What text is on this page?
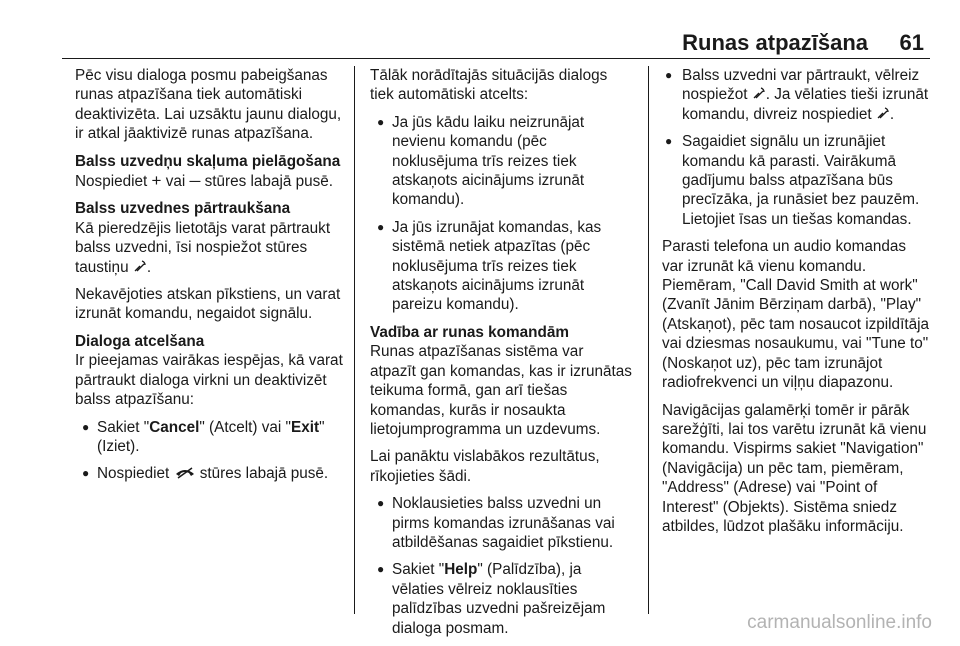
Runas atpazīšana 61

Pēc visu dialoga posmu pabeigšanas runas atpazīšana tiek automātiski deaktivizēta. Lai uzsāktu jaunu dialogu, ir atkal jāaktivizē runas atpazīšana.

Balss uzvedņu skaļuma pielāgošana

Nospiediet + vai ─ stūres labajā pusē.

Balss uzvednes pārtraukšana

Kā pieredzējis lietotājs varat pārtraukt balss uzvedni, īsi nospiežot stūres taustiņu .

Nekavējoties atskan pīkstiens, un varat izrunāt komandu, negaidot signālu.

Dialoga atcelšana

Ir pieejamas vairākas iespējas, kā varat pārtraukt dialoga virkni un deaktivizēt balss atpazīšanu:

● Sakiet "Cancel" (Atcelt) vai "Exit" (Iziet).
● Nospiediet  stūres labajā pusē.

Tālāk norādītajās situācijās dialogs tiek automātiski atcelts:

● Ja jūs kādu laiku neizrunājat nevienu komandu (pēc noklusējuma trīs reizes tiek atskaņots aicinājums izrunāt komandu).
● Ja jūs izrunājat komandas, kas sistēmā netiek atpazītas (pēc noklusējuma trīs reizes tiek atskaņots aicinājums izrunāt pareizu komandu).
Vadība ar runas komandām

Runas atpazīšanas sistēma var atpazīt gan komandas, kas ir izrunātas teikuma formā, gan arī tiešas komandas, kurās ir nosaukta lietojumprogramma un uzdevums.

Lai panāktu vislabākos rezultātus, rīkojieties šādi.

● Noklausieties balss uzvedni un pirms komandas izrunāšanas vai atbildēšanas sagaidiet pīkstienu.
● Sakiet "Help" (Palīdzība), ja vēlaties vēlreiz noklausīties palīdzības uzvedni pašreizējam dialoga posmam.
● Balss uzvedni var pārtraukt, vēlreiz nospiežot . Ja vēlaties tieši izrunāt komandu, divreiz nospiediet .
● Sagaidiet signālu un izrunājiet komandu kā parasti. Vairākumā gadījumu balss atpazīšana būs precīzāka, ja runāsiet bez pauzēm. Lietojiet īsas un tiešas komandas.

Parasti telefona un audio komandas var izrunāt kā vienu komandu. Piemēram, "Call David Smith at work" (Zvanīt Jānim Bērziņam darbā), "Play" (Atskaņot), pēc tam nosaucot izpildītāja vai dziesmas nosaukumu, vai "Tune to" (Noskaņot uz), pēc tam izrunājot radiofrekvenci un viļņu diapazonu.

Navigācijas galamērķi tomēr ir pārāk sarežģīti, lai tos varētu izrunāt kā vienu komandu. Vispirms sakiet "Navigation" (Navigācija) un pēc tam, piemēram, "Address" (Adrese) vai "Point of Interest" (Objekts). Sistēma sniedz atbildes, lūdzot plašāku informāciju.

carmanualsonline.info
